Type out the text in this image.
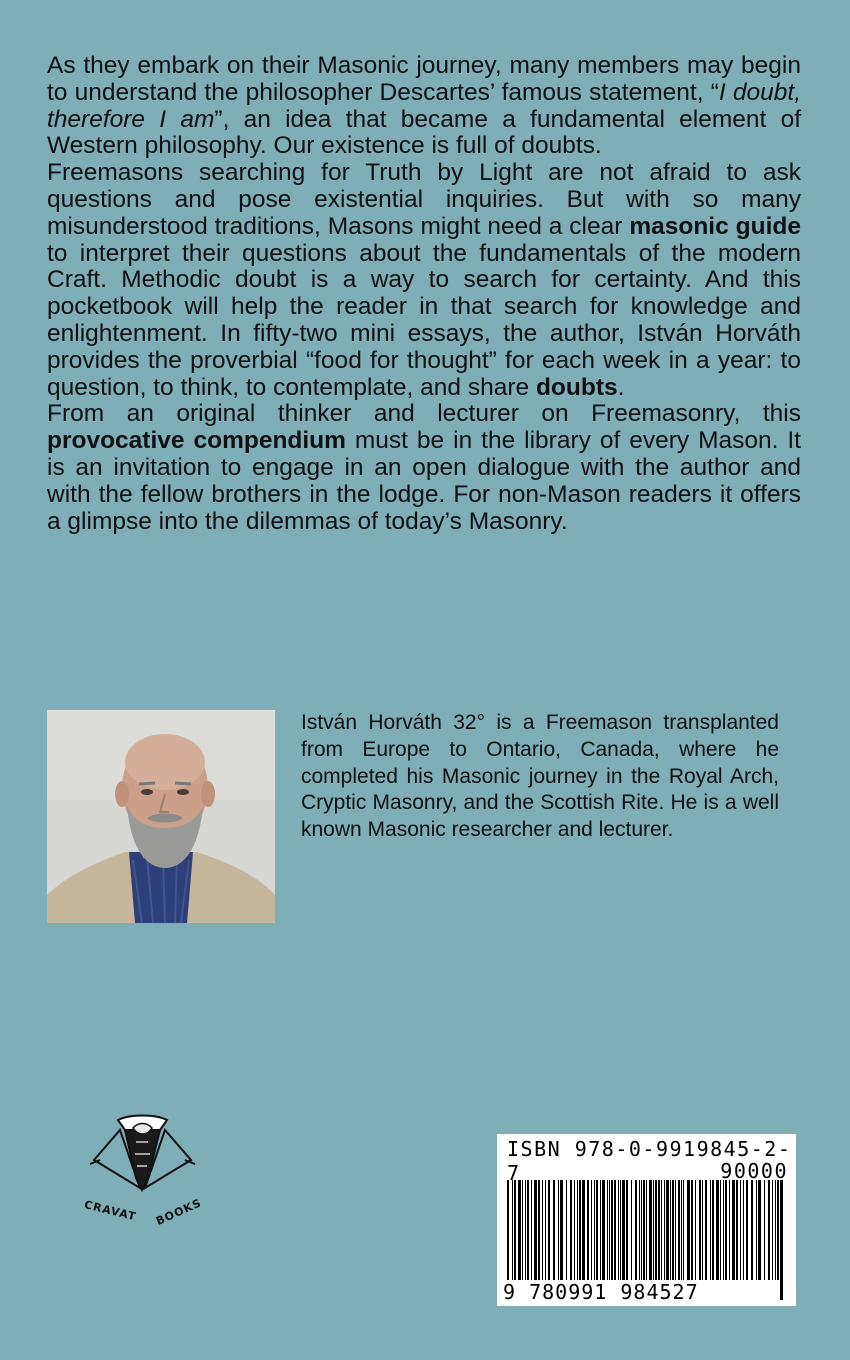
As they embark on their Masonic journey, many members may begin to understand the philosopher Descartes’ famous statement, “I doubt, therefore I am”, an idea that became a fundamental element of Western philosophy. Our existence is full of doubts.

Freemasons searching for Truth by Light are not afraid to ask questions and pose existential inquiries. But with so many misunderstood traditions, Masons might need a clear masonic guide to interpret their questions about the fundamentals of the modern Craft. Methodic doubt is a way to search for certainty. And this pocketbook will help the reader in that search for knowledge and enlightenment. In fifty-two mini essays, the author, István Horváth provides the proverbial “food for thought” for each week in a year: to question, to think, to contemplate, and share doubts.

From an original thinker and lecturer on Freemasonry, this provocative compendium must be in the library of every Mason. It is an invitation to engage in an open dialogue with the author and with the fellow brothers in the lodge. For non-Mason readers it offers a glimpse into the dilemmas of today’s Masonry.

István Horváth 32° is a Freemason transplanted from Europe to Ontario, Canada, where he completed his Masonic journey in the Royal Arch, Cryptic Masonry, and the Scottish Rite. He is a well known Masonic researcher and lecturer.
CRAVAT BOOKS
ISBN 978-0-9919845-2-7	90000
9 780991 984527
